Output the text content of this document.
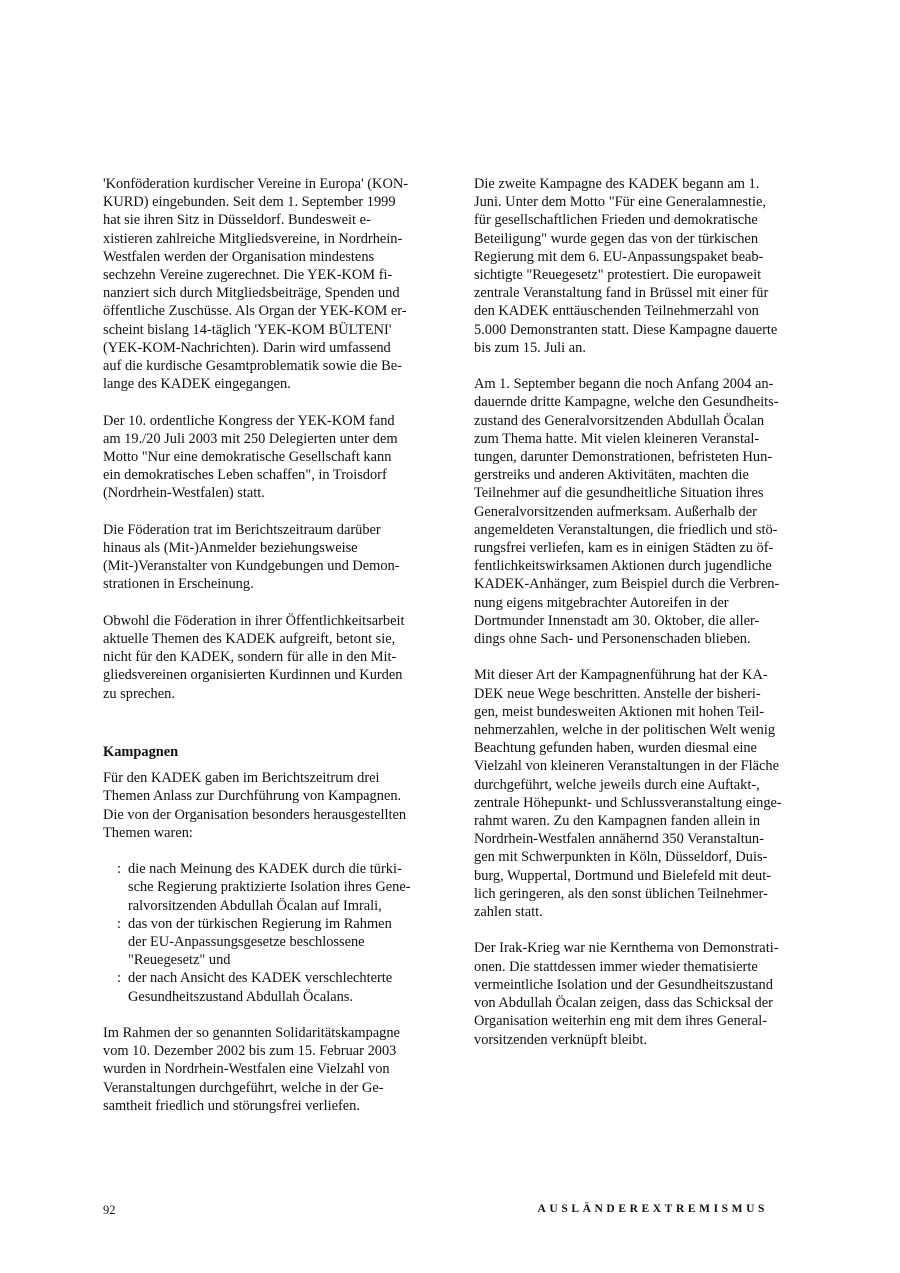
'Konföderation kurdischer Vereine in Europa' (KON-
KURD) eingebunden. Seit dem 1. September 1999
hat sie ihren Sitz in Düsseldorf. Bundesweit e-
xistieren zahlreiche Mitgliedsvereine, in Nordrhein-
Westfalen werden der Organisation mindestens
sechzehn Vereine zugerechnet. Die YEK-KOM fi-
nanziert sich durch Mitgliedsbeiträge, Spenden und
öffentliche Zuschüsse. Als Organ der YEK-KOM er-
scheint bislang 14-täglich 'YEK-KOM BÜLTENI'
(YEK-KOM-Nachrichten). Darin wird umfassend
auf die kurdische Gesamtproblematik sowie die Be-
lange des KADEK eingegangen.
Der 10. ordentliche Kongress der YEK-KOM fand
am 19./20 Juli 2003 mit 250 Delegierten unter dem
Motto "Nur eine demokratische Gesellschaft kann
ein demokratisches Leben schaffen", in Troisdorf
(Nordrhein-Westfalen) statt.
Die Föderation trat im Berichtszeitraum darüber
hinaus als (Mit-)Anmelder beziehungsweise
(Mit-)Veranstalter von Kundgebungen und Demon-
strationen in Erscheinung.
Obwohl die Föderation in ihrer Öffentlichkeitsarbeit
aktuelle Themen des KADEK aufgreift, betont sie,
nicht für den KADEK, sondern für alle in den Mit-
gliedsvereinen organisierten Kurdinnen und Kurden
zu sprechen.
Kampagnen
Für den KADEK gaben im Berichtszeitrum drei
Themen Anlass zur Durchführung von Kampagnen.
Die von der Organisation besonders herausgestellten
Themen waren:
: die nach Meinung des KADEK durch die türki-
sche Regierung praktizierte Isolation ihres Gene-
ralvorsitzenden Abdullah Öcalan auf Imrali,
: das von der türkischen Regierung im Rahmen
der EU-Anpassungsgesetze beschlossene
"Reuegesetz" und
: der nach Ansicht des KADEK verschlechterte
Gesundheitszustand Abdullah Öcalans.
Im Rahmen der so genannten Solidaritätskampagne
vom 10. Dezember 2002 bis zum 15. Februar 2003
wurden in Nordrhein-Westfalen eine Vielzahl von
Veranstaltungen durchgeführt, welche in der Ge-
samtheit friedlich und störungsfrei verliefen.
Die zweite Kampagne des KADEK begann am 1.
Juni. Unter dem Motto "Für eine Generalamnestie,
für gesellschaftlichen Frieden und demokratische
Beteiligung" wurde gegen das von der türkischen
Regierung mit dem 6. EU-Anpassungspaket beab-
sichtigte "Reuegesetz" protestiert. Die europaweit
zentrale Veranstaltung fand in Brüssel mit einer für
den KADEK enttäuschenden Teilnehmerzahl von
5.000 Demonstranten statt. Diese Kampagne dauerte
bis zum 15. Juli an.
Am 1. September begann die noch Anfang 2004 an-
dauernde dritte Kampagne, welche den Gesundheits-
zustand des Generalvorsitzenden Abdullah Öcalan
zum Thema hatte. Mit vielen kleineren Veranstal-
tungen, darunter Demonstrationen, befristeten Hun-
gerstreiks und anderen Aktivitäten, machten die
Teilnehmer auf die gesundheitliche Situation ihres
Generalvorsitzenden aufmerksam. Außerhalb der
angemeldeten Veranstaltungen, die friedlich und stö-
rungsfrei verliefen, kam es in einigen Städten zu öf-
fentlichkeitswirksamen Aktionen durch jugendliche
KADEK-Anhänger, zum Beispiel durch die Verbren-
nung eigens mitgebrachter Autoreifen in der
Dortmunder Innenstadt am 30. Oktober, die aller-
dings ohne Sach- und Personenschaden blieben.
Mit dieser Art der Kampagnenführung hat der KA-
DEK neue Wege beschritten. Anstelle der bisheri-
gen, meist bundesweiten Aktionen mit hohen Teil-
nehmerzahlen, welche in der politischen Welt wenig
Beachtung gefunden haben, wurden diesmal eine
Vielzahl von kleineren Veranstaltungen in der Fläche
durchgeführt, welche jeweils durch eine Auftakt-,
zentrale Höhepunkt- und Schlussveranstaltung einge-
rahmt waren. Zu den Kampagnen fanden allein in
Nordrhein-Westfalen annähernd 350 Veranstaltun-
gen mit Schwerpunkten in Köln, Düsseldorf, Duis-
burg, Wuppertal, Dortmund und Bielefeld mit deut-
lich geringeren, als den sonst üblichen Teilnehmer-
zahlen statt.
Der Irak-Krieg war nie Kernthema von Demonstrati-
onen. Die stattdessen immer wieder thematisierte
vermeintliche Isolation und der Gesundheitszustand
von Abdullah Öcalan zeigen, dass das Schicksal der
Organisation weiterhin eng mit dem ihres General-
vorsitzenden verknüpft bleibt.
92	AUSLÄNDEREXTREMISMUS
